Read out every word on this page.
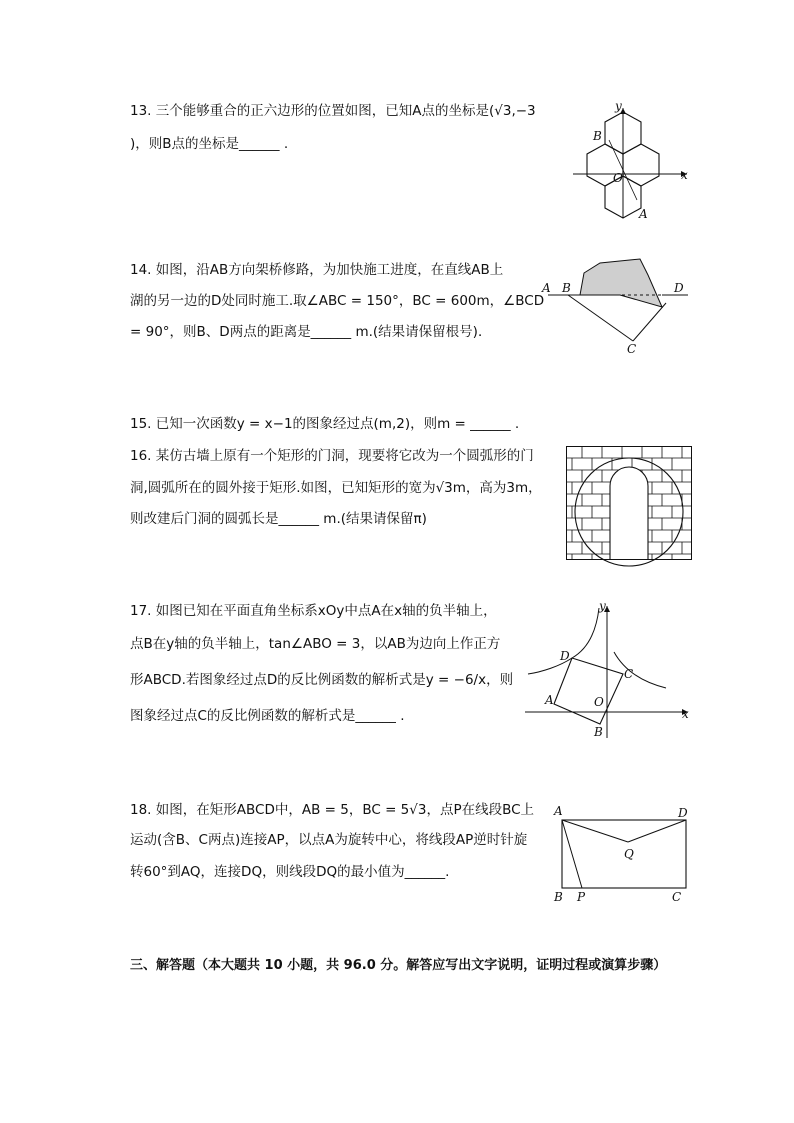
13. 三个能够重合的正六边形的位置如图，已知A点的坐标是(√3,−3
)，则B点的坐标是______ .
y
x
O
A
B
14. 如图，沿AB方向架桥修路，为加快施工进度，在直线AB上
湖的另一边的D处同时施工.取∠ABC = 150°，BC = 600m，∠BCD
= 90°，则B、D两点的距离是______ m.(结果请保留根号)．
A B	D
C
15. 已知一次函数y = x−1的图象经过点(m,2)，则m = ______ .
16. 某仿古墙上原有一个矩形的门洞，现要将它改为一个圆弧形的门
洞,圆弧所在的圆外接于矩形.如图，已知矩形的宽为√3m，高为3m，
则改建后门洞的圆弧长是______ m.(结果请保留π)
17. 如图已知在平面直角坐标系xOy中点A在x轴的负半轴上，
点B在y轴的负半轴上，tan∠ABO = 3，以AB为边向上作正方
形ABCD.若图象经过点D的反比例函数的解析式是y = −6/x，则
图象经过点C的反比例函数的解析式是______ .
y
x
O
A
B
C
D
18. 如图，在矩形ABCD中，AB = 5，BC = 5√3，点P在线段BC上
运动(含B、C两点)连接AP，以点A为旋转中心，将线段AP逆时针旋
转60°到AQ，连接DQ，则线段DQ的最小值为______.
A	D
Q
B P	C
三、解答题（本大题共 10 小题，共 96.0 分。解答应写出文字说明，证明过程或演算步骤）
